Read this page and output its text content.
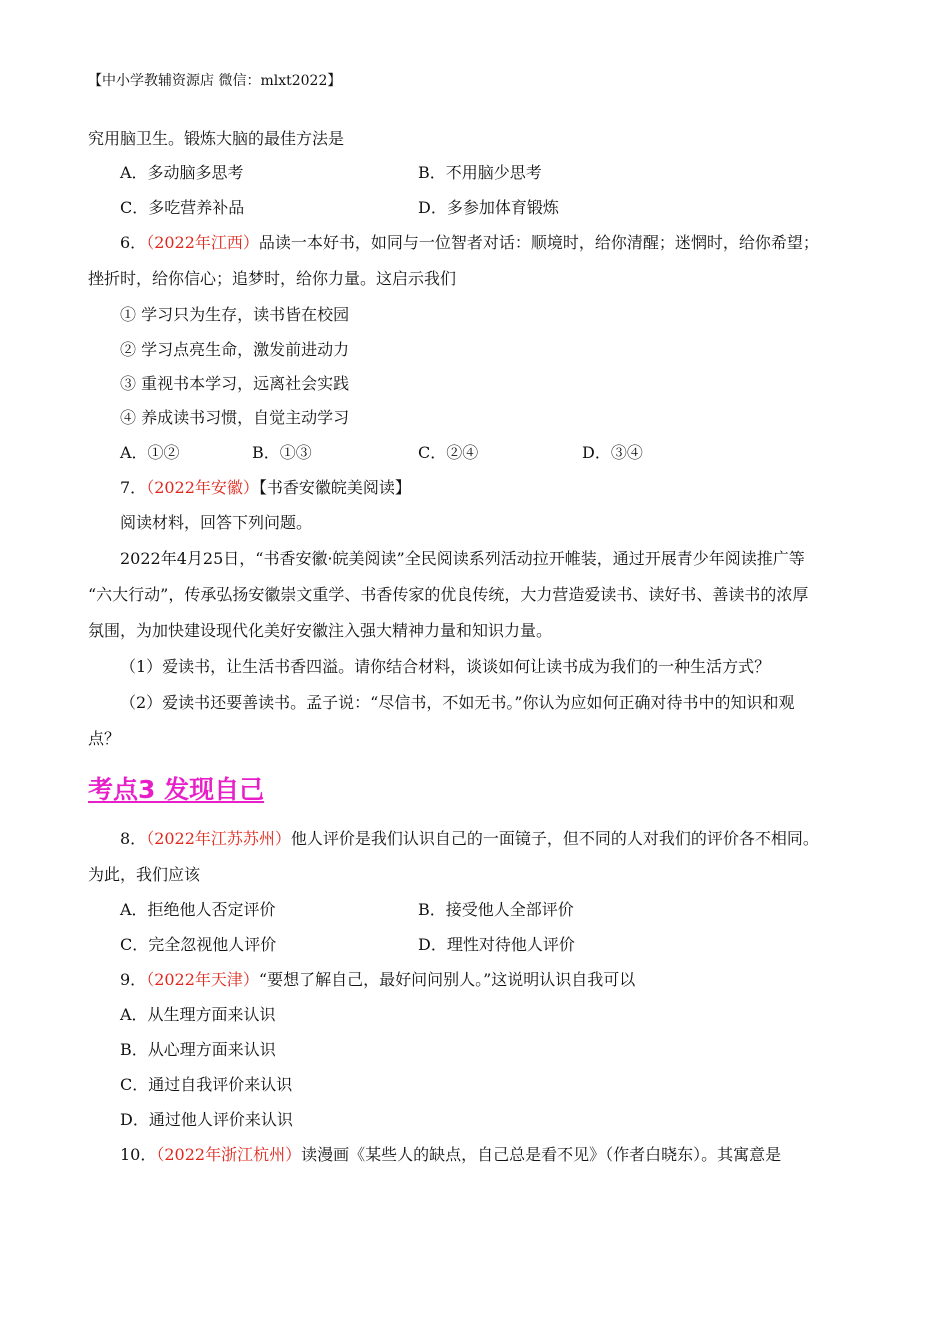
【中小学教辅资源店 微信：mlxt2022】
究用脑卫生。锻炼大脑的最佳方法是
A．多动脑多思考	B．不用脑少思考
C．多吃营养补品	D．多参加体育锻炼
6．（2022年江西）品读一本好书，如同与一位智者对话：顺境时，给你清醒；迷惘时，给你希望；
挫折时，给你信心；追梦时，给你力量。这启示我们
① 学习只为生存，读书皆在校园
② 学习点亮生命，激发前进动力
③ 重视书本学习，远离社会实践
④ 养成读书习惯，自觉主动学习
A．①②	B．①③	C．②④	D．③④
7．（2022年安徽）【书香安徽皖美阅读】
阅读材料，回答下列问题。
2022年4月25日，“书香安徽·皖美阅读”全民阅读系列活动拉开帷装，通过开展青少年阅读推广等
“六大行动”，传承弘扬安徽崇文重学、书香传家的优良传统，大力营造爱读书、读好书、善读书的浓厚
氛围，为加快建设现代化美好安徽注入强大精神力量和知识力量。
（1）爱读书，让生活书香四溢。请你结合材料，谈谈如何让读书成为我们的一种生活方式？
（2）爱读书还要善读书。孟子说：“尽信书，不如无书。”你认为应如何正确对待书中的知识和观
点？
考点3 发现自己
8．（2022年江苏苏州）他人评价是我们认识自己的一面镜子，但不同的人对我们的评价各不相同。
为此，我们应该
A．拒绝他人否定评价	B．接受他人全部评价
C．完全忽视他人评价	D．理性对待他人评价
9．（2022年天津）“要想了解自己，最好问问别人。”这说明认识自我可以
A．从生理方面来认识
B．从心理方面来认识
C．通过自我评价来认识
D．通过他人评价来认识
10．（2022年浙江杭州）读漫画《某些人的缺点，自己总是看不见》（作者白晓东）。其寓意是
